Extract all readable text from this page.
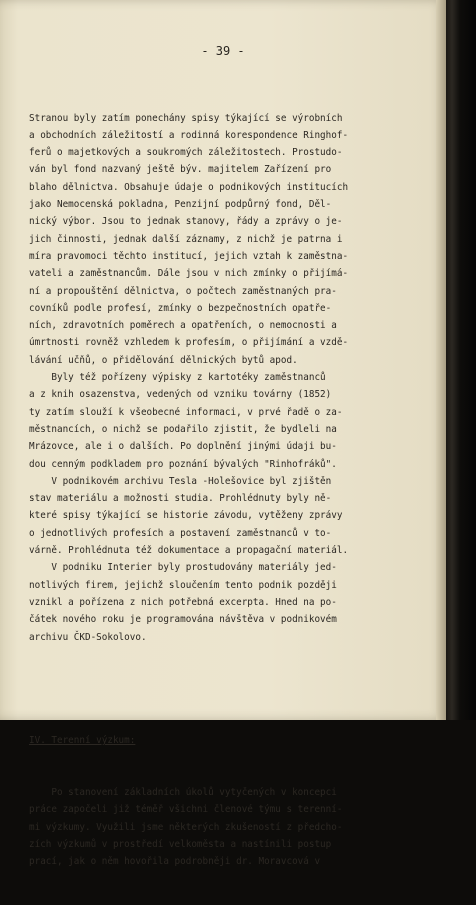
- 39 -

Stranou byly zatím ponechány spisy týkající se výrobních
a obchodních záležitostí a rodinná korespondence Ringhof-
ferů o majetkových a soukromých záležitostech. Prostudo-
ván byl fond nazvaný ještě býv. majitelem Zařízení pro
blaho dělnictva. Obsahuje údaje o podnikových institucích
jako Nemocenská pokladna, Penzijní podpůrný fond, Děl-
nický výbor. Jsou to jednak stanovy, řády a zprávy o je-
jich činnosti, jednak další záznamy, z nichž je patrna i
míra pravomoci těchto institucí, jejich vztah k zaměstna-
vateli a zaměstnancům. Dále jsou v nich zmínky o přijímá-
ní a propouštění dělnictva, o počtech zaměstnaných pra-
covníků podle profesí, zmínky o bezpečnostních opatře-
ních, zdravotních poměrech a opatřeních, o nemocnosti a
úmrtnosti rovněž vzhledem k profesím, o přijímání a vzdě-
lávání učňů, o přidělování dělnických bytů apod.
Byly též pořízeny výpisky z kartotéky zaměstnanců
a z knih osazenstva, vedených od vzniku továrny (1852)
ty zatím slouží k všeobecné informaci, v prvé řadě o za-
městnancích, o nichž se podařilo zjistit, že bydleli na
Mrázovce, ale i o dalších. Po doplnění jinými údaji bu-
dou cenným podkladem pro poznání bývalých "Rinhofráků".
V podnikovém archivu Tesla -Holešovice byl zjištěn
stav materiálu a možnosti studia. Prohlédnuty byly ně-
které spisy týkající se historie závodu, vytěženy zprávy
o jednotlivých profesích a postavení zaměstnanců v to-
várně. Prohlédnuta též dokumentace a propagační materiál.
V podniku Interier byly prostudovány materiály jed-
notlivých firem, jejichž sloučením tento podnik později
vznikl a pořízena z nich potřebná excerpta. Hned na po-
čátek nového roku je programována návštěva v podnikovém
archivu ČKD-Sokolovo.

IV. Terenní výzkum:

Po stanovení základních úkolů vytyčených v koncepci
práce započeli již téměř všichni členové týmu s terenní-
mi výzkumy. Využili jsme některých zkušeností z předcho-
zích výzkumů v prostředí velkoměsta a nastínili postup
prací, jak o něm hovořila podrobněji dr. Moravcová v
